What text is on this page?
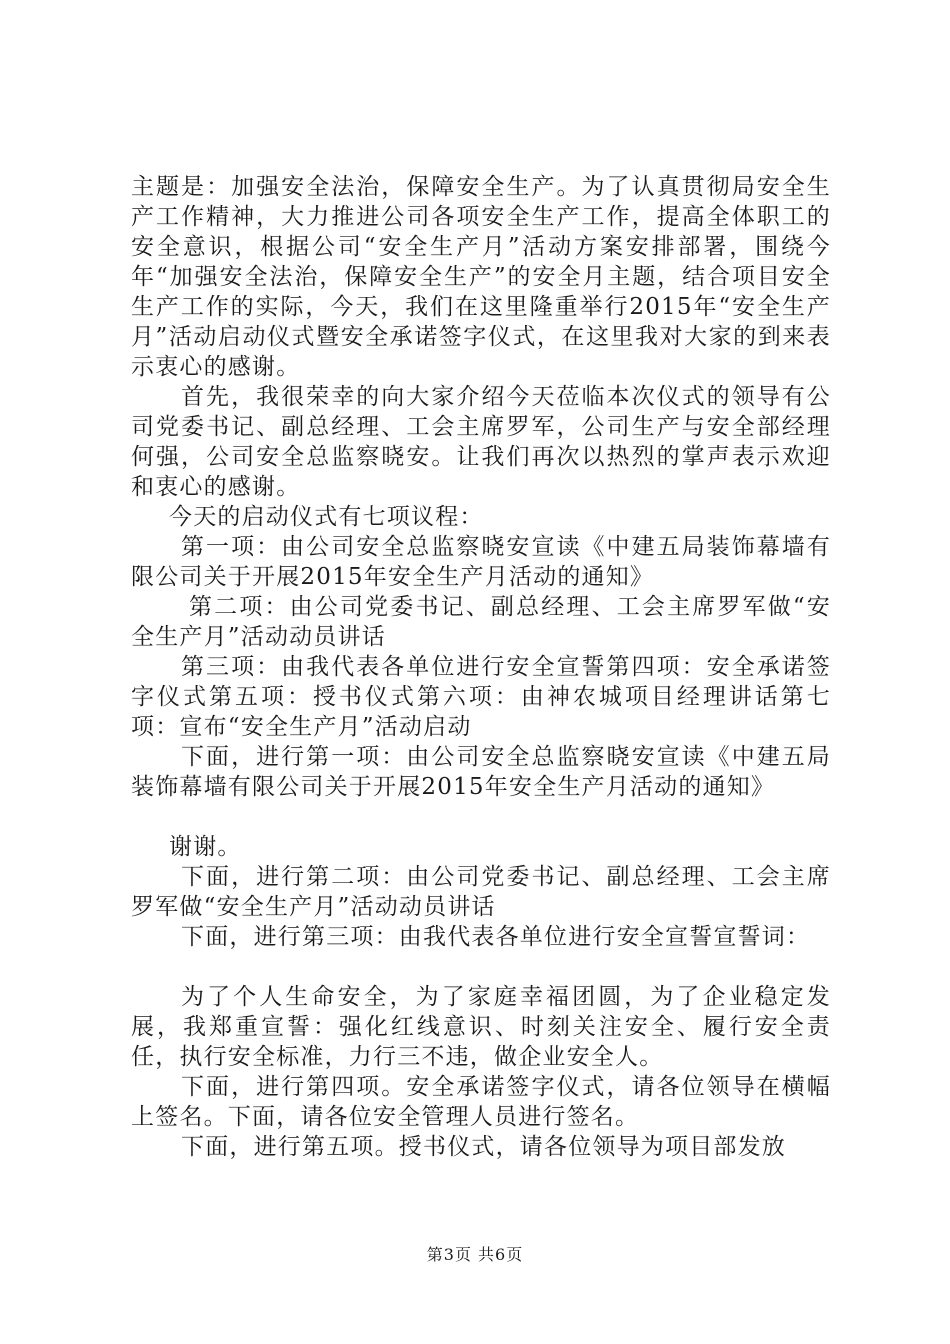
主题是：加强安全法治，保障安全生产。为了认真贯彻局安全生产工作精神，大力推进公司各项安全生产工作，提高全体职工的安全意识，根据公司“安全生产月”活动方案安排部署，围绕今年“加强安全法治，保障安全生产”的安全月主题，结合项目安全生产工作的实际，今天，我们在这里隆重举行2015年“安全生产月”活动启动仪式暨安全承诺签字仪式，在这里我对大家的到来表示衷心的感谢。

首先，我很荣幸的向大家介绍今天莅临本次仪式的领导有公司党委书记、副总经理、工会主席罗军，公司生产与安全部经理何强，公司安全总监察晓安。让我们再次以热烈的掌声表示欢迎和衷心的感谢。

今天的启动仪式有七项议程：

第一项：由公司安全总监察晓安宣读《中建五局装饰幕墙有限公司关于开展2015年安全生产月活动的通知》

第二项：由公司党委书记、副总经理、工会主席罗军做“安全生产月”活动动员讲话

第三项：由我代表各单位进行安全宣誓第四项：安全承诺签字仪式第五项：授书仪式第六项：由神农城项目经理讲话第七项：宣布“安全生产月”活动启动

下面，进行第一项：由公司安全总监察晓安宣读《中建五局装饰幕墙有限公司关于开展2015年安全生产月活动的通知》

谢谢。

下面，进行第二项：由公司党委书记、副总经理、工会主席罗军做“安全生产月”活动动员讲话

下面，进行第三项：由我代表各单位进行安全宣誓宣誓词：

为了个人生命安全，为了家庭幸福团圆，为了企业稳定发展，我郑重宣誓：强化红线意识、时刻关注安全、履行安全责任，执行安全标准，力行三不违，做企业安全人。

下面，进行第四项。安全承诺签字仪式，请各位领导在横幅上签名。下面，请各位安全管理人员进行签名。

下面，进行第五项。授书仪式，请各位领导为项目部发放

第3页 共6页
